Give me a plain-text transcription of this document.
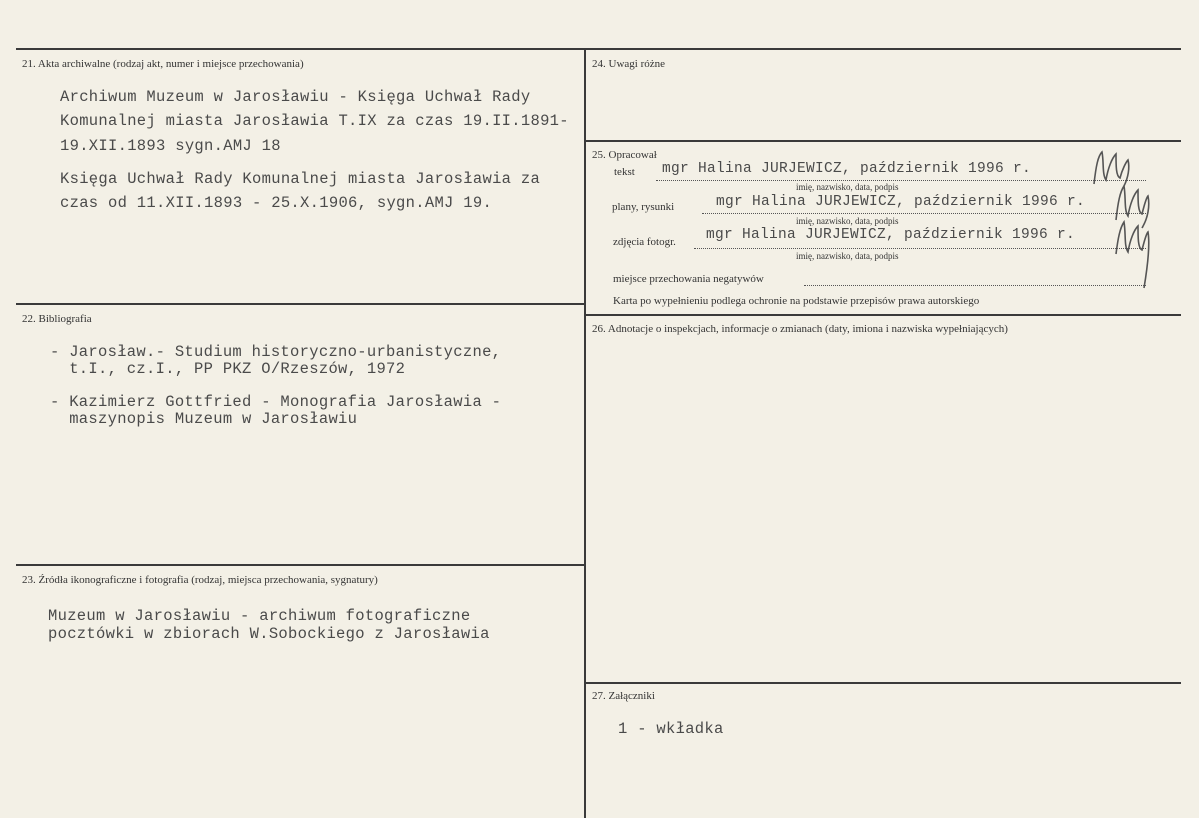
21. Akta archiwalne (rodzaj akt, numer i miejsce przechowania)
Archiwum Muzeum w Jarosławiu - Księga Uchwał Rady
Komunalnej miasta Jarosławia T.IX za czas 19.II.1891-
19.XII.1893 sygn.AMJ 18
Księga Uchwał Rady Komunalnej miasta Jarosławia za
czas od 11.XII.1893 - 25.X.1906, sygn.AMJ 19.
22. Bibliografia
- Jarosław.- Studium historyczno-urbanistyczne,
t.I., cz.I., PP PKZ O/Rzeszów, 1972
- Kazimierz Gottfried - Monografia Jarosławia -
maszynopis Muzeum w Jarosławiu
23. Źródła ikonograficzne i fotografia (rodzaj, miejsca przechowania, sygnatury)
Muzeum w Jarosławiu - archiwum fotograficzne
pocztówki w zbiorach W.Sobockiego z Jarosławia
24. Uwagi różne
25. Opracował
tekst mgr Halina JURJEWICZ, październik 1996 r.
imię, nazwisko, data, podpis
plany, rysunki	mgr Halina JURJEWICZ, październik 1996 r.
imię, nazwisko, data, podpis
zdjęcia fotogr. mgr Halina JURJEWICZ, październik 1996 r.
imię, nazwisko, data, podpis
miejsce przechowania negatywów
Karta po wypełnieniu podlega ochronie na podstawie przepisów prawa autorskiego
26. Adnotacje o inspekcjach, informacje o zmianach (daty, imiona i nazwiska wypełniających)
27. Załączniki
1 - wkładka
